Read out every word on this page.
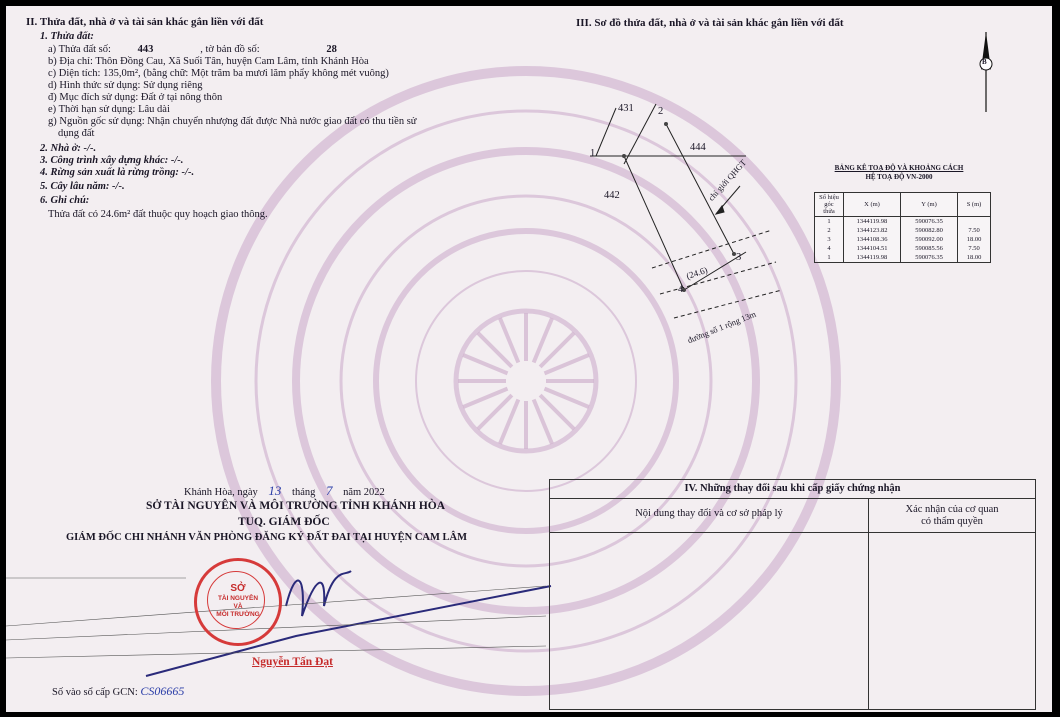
II. Thửa đất, nhà ở và tài sản khác gắn liền với đất
1. Thửa đất:
a) Thửa đất số:	443	, tờ bản đồ số:	28
b) Địa chỉ: Thôn Đồng Cau, Xã Suối Tân, huyện Cam Lâm, tỉnh Khánh Hòa
c) Diện tích: 135,0m², (bằng chữ: Một trăm ba mươi lăm phẩy không mét vuông)
d) Hình thức sử dụng: Sử dụng riêng
đ) Mục đích sử dụng: Đất ở tại nông thôn
e) Thời hạn sử dụng: Lâu dài
g) Nguồn gốc sử dụng: Nhận chuyển nhượng đất được Nhà nước giao đất có thu tiền sử
dụng đất
2. Nhà ở: -/-.
3. Công trình xây dựng khác: -/-.
4. Rừng sản xuất là rừng trồng: -/-.
5. Cây lâu năm: -/-.
6. Ghi chú:
Thửa đất có 24.6m² đất thuộc quy hoạch giao thông.
III. Sơ đồ thửa đất, nhà ở và tài sản khác gắn liền với đất
B
431
444
442
1
2
3
4
chỉ giới QHGT
(24.6)
đường số 1 rộng 13m
BẢNG KÊ TOẠ ĐỘ VÀ KHOẢNG CÁCH
HỆ TOẠ ĐỘ VN-2000
Số hiệu góc thửa	X (m)	Y (m)	S (m)
1	1344119.98	590076.35	
2	1344123.82	590082.80	7.50
3	1344108.36	590092.00	18.00
4	1344104.51	590085.56	7.50
1	1344119.98	590076.35	18.00
Khánh Hòa, ngày 13 tháng 7 năm 2022
SỞ TÀI NGUYÊN VÀ MÔI TRƯỜNG TỈNH KHÁNH HÒA
TUQ. GIÁM ĐỐC
GIÁM ĐỐC CHI NHÁNH VĂN PHÒNG ĐĂNG KÝ ĐẤT ĐAI TẠI HUYỆN CAM LÂM
SỞ
TÀI NGUYÊN
VÀ
MÔI TRƯỜNG
Nguyễn Tấn Đạt
Số vào sổ cấp GCN: CS06665
IV. Những thay đổi sau khi cấp giấy chứng nhận
Nội dung thay đổi và cơ sở pháp lý	Xác nhận của cơ quan
có thẩm quyền
